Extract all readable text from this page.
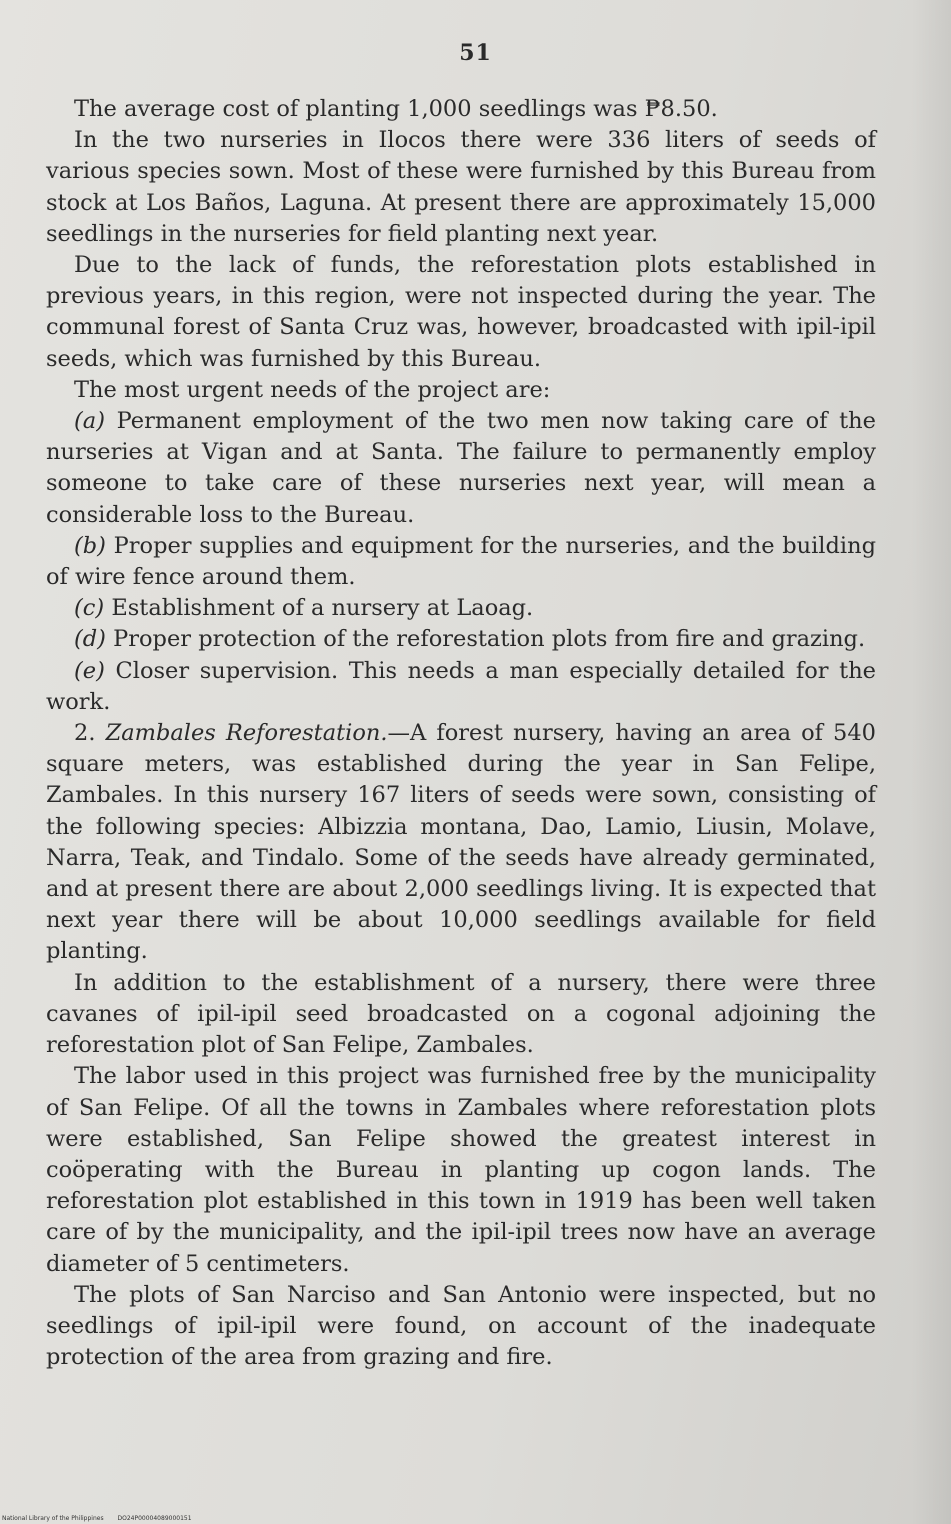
51

The average cost of planting 1,000 seedlings was ₱8.50.

In the two nurseries in Ilocos there were 336 liters of seeds of various species sown. Most of these were furnished by this Bureau from stock at Los Baños, Laguna. At present there are approximately 15,000 seedlings in the nurseries for field planting next year.

Due to the lack of funds, the reforestation plots established in previous years, in this region, were not inspected during the year. The communal forest of Santa Cruz was, however, broadcasted with ipil-ipil seeds, which was furnished by this Bureau.

The most urgent needs of the project are:

(a) Permanent employment of the two men now taking care of the nurseries at Vigan and at Santa. The failure to permanently employ someone to take care of these nurseries next year, will mean a considerable loss to the Bureau.

(b) Proper supplies and equipment for the nurseries, and the building of wire fence around them.

(c) Establishment of a nursery at Laoag.

(d) Proper protection of the reforestation plots from fire and grazing.

(e) Closer supervision. This needs a man especially detailed for the work.

2. Zambales Reforestation.—A forest nursery, having an area of 540 square meters, was established during the year in San Felipe, Zambales. In this nursery 167 liters of seeds were sown, consisting of the following species: Albizzia montana, Dao, Lamio, Liusin, Molave, Narra, Teak, and Tindalo. Some of the seeds have already germinated, and at present there are about 2,000 seedlings living. It is expected that next year there will be about 10,000 seedlings available for field planting.

In addition to the establishment of a nursery, there were three cavanes of ipil-ipil seed broadcasted on a cogonal adjoining the reforestation plot of San Felipe, Zambales.

The labor used in this project was furnished free by the municipality of San Felipe. Of all the towns in Zambales where reforestation plots were established, San Felipe showed the greatest interest in coöperating with the Bureau in planting up cogon lands. The reforestation plot established in this town in 1919 has been well taken care of by the municipality, and the ipil-ipil trees now have an average diameter of 5 centimeters.

The plots of San Narciso and San Antonio were inspected, but no seedlings of ipil-ipil were found, on account of the inadequate protection of the area from grazing and fire.

National Library of the Philippines DO24P00004089000151
